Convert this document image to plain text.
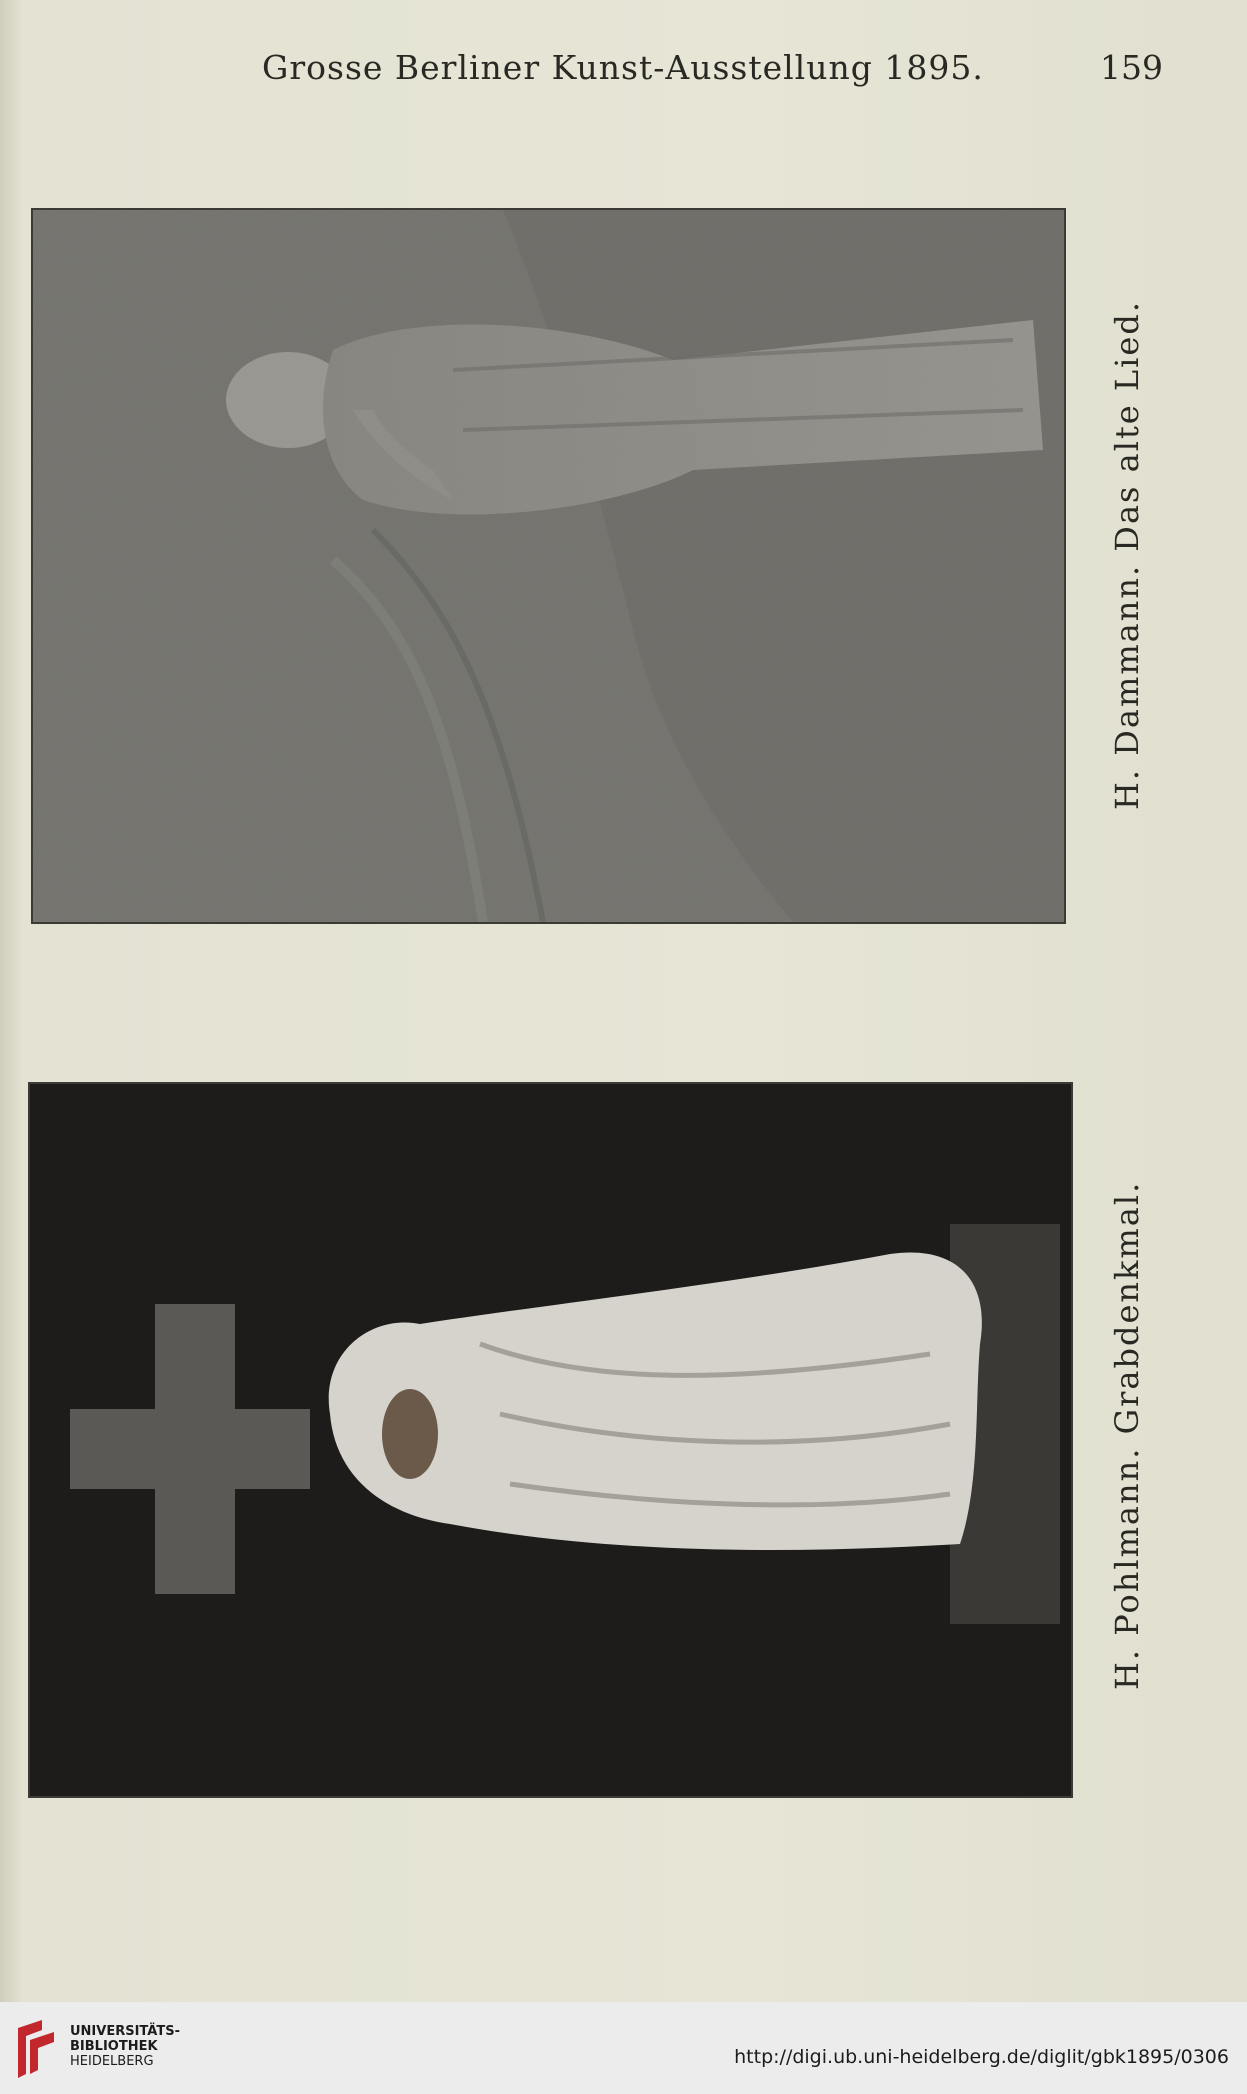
Grosse Berliner Kunst-Ausstellung 1895.	159
H. Dammann. Das alte Lied.
H. Pohlmann. Grabdenkmal.
UNIVERSITÄTS-
BIBLIOTHEK
HEIDELBERG	http://digi.ub.uni-heidelberg.de/diglit/gbk1895/0306
